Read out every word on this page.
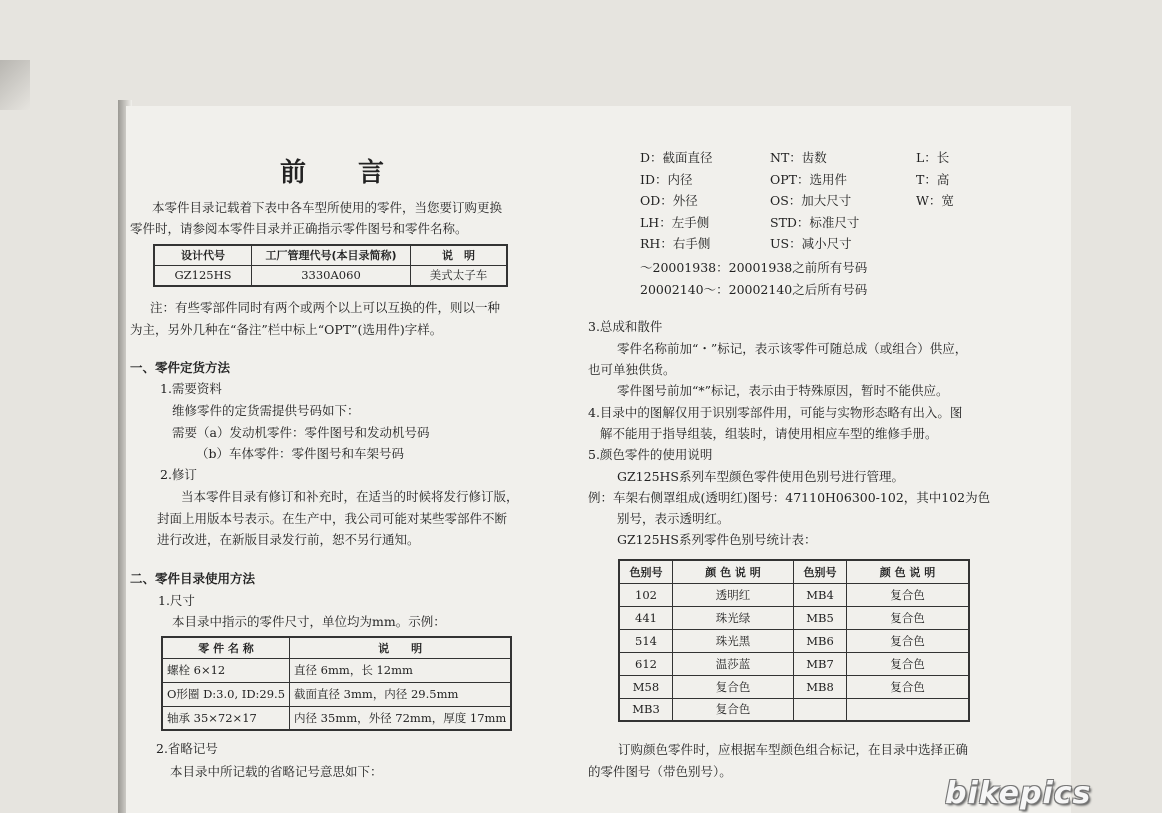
前言
本零件目录记载着下表中各车型所使用的零件，当您要订购更换
零件时，请参阅本零件目录并正确指示零件图号和零件名称。
设计代号	工厂管理代号(本目录简称)	说　明
GZ125HS	3330A060	美式太子车
注：有些零部件同时有两个或两个以上可以互换的件，则以一种
为主，另外几种在“备注”栏中标上“OPT”(选用件)字样。
一、零件定货方法
1.需要资料
维修零件的定货需提供号码如下：
需要（a）发动机零件：零件图号和发动机号码
（b）车体零件：零件图号和车架号码
2.修订
当本零件目录有修订和补充时，在适当的时候将发行修订版，
封面上用版本号表示。在生产中，我公司可能对某些零部件不断
进行改进，在新版目录发行前，恕不另行通知。
二、零件目录使用方法
1.尺寸
本目录中指示的零件尺寸，单位均为mm。示例：
零 件 名 称	说　　明
螺栓 6×12	直径 6mm，长 12mm
O形圈 D:3.0, ID:29.5	截面直径 3mm，内径 29.5mm
轴承 35×72×17	内径 35mm，外径 72mm，厚度 17mm
2.省略记号
本目录中所记载的省略记号意思如下：
D：截面直径	NT：齿数	L：长
ID：内径	OPT：选用件	T：高
OD：外径	OS：加大尺寸	W：宽
LH：左手侧	STD：标准尺寸
RH：右手侧	US：减小尺寸
～20001938：20001938之前所有号码
20002140～：20002140之后所有号码
3.总成和散件
零件名称前加“・”标记，表示该零件可随总成（或组合）供应，
也可单独供货。
零件图号前加“*”标记，表示由于特殊原因，暂时不能供应。
4.目录中的图解仅用于识别零部件用，可能与实物形态略有出入。图
解不能用于指导组装，组装时，请使用相应车型的维修手册。
5.颜色零件的使用说明
GZ125HS系列车型颜色零件使用色别号进行管理。
例：车架右侧罩组成(透明红)图号：47110H06300-102，其中102为色
别号，表示透明红。
GZ125HS系列零件色别号统计表：
色别号	颜 色 说 明	色别号	颜 色 说 明
102	透明红	MB4	复合色
441	珠光绿	MB5	复合色
514	珠光黑	MB6	复合色
612	温莎蓝	MB7	复合色
M58	复合色	MB8	复合色
MB3	复合色		
订购颜色零件时，应根据车型颜色组合标记，在目录中选择正确
的零件图号（带色别号）。
bikepics
